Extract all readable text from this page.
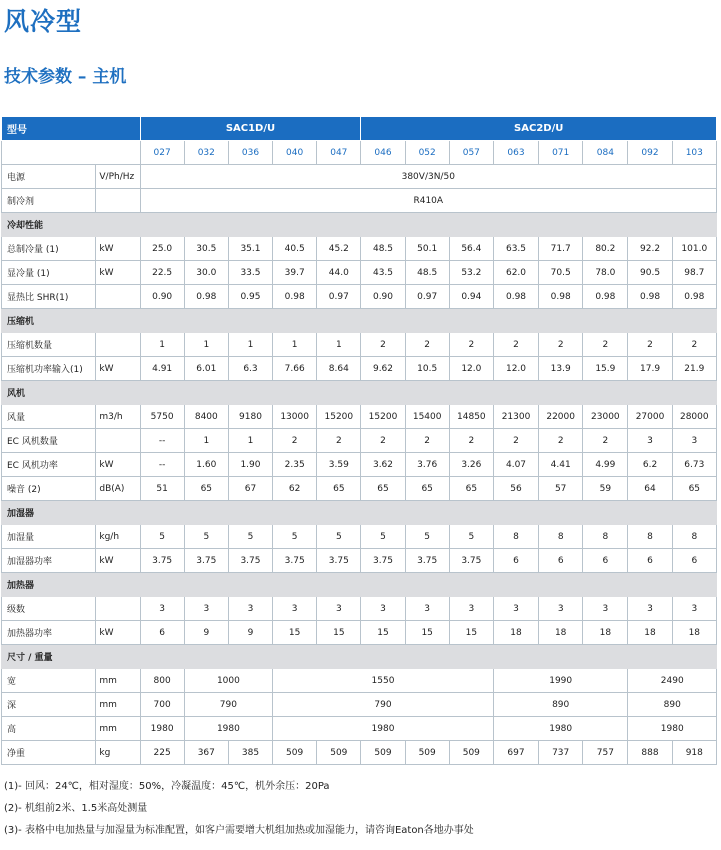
风冷型
技术参数 – 主机
型号		SAC1D/U					SAC2D/U							
		027	032	036	040	047	046	052	057	063	071	084	092	103
电源	V/Ph/Hz	380V/3N/50												
制冷剂		R410A												
冷却性能														
总制冷量 (1)	kW	25.0	30.5	35.1	40.5	45.2	48.5	50.1	56.4	63.5	71.7	80.2	92.2	101.0
显冷量 (1)	kW	22.5	30.0	33.5	39.7	44.0	43.5	48.5	53.2	62.0	70.5	78.0	90.5	98.7
显热比 SHR(1)		0.90	0.98	0.95	0.98	0.97	0.90	0.97	0.94	0.98	0.98	0.98	0.98	0.98
压缩机														
压缩机数量		1	1	1	1	1	2	2	2	2	2	2	2	2
压缩机功率输入(1)	kW	4.91	6.01	6.3	7.66	8.64	9.62	10.5	12.0	12.0	13.9	15.9	17.9	21.9
风机														
风量	m3/h	5750	8400	9180	13000	15200	15200	15400	14850	21300	22000	23000	27000	28000
EC 风机数量		--	1	1	2	2	2	2	2	2	2	2	3	3
EC 风机功率	kW	--	1.60	1.90	2.35	3.59	3.62	3.76	3.26	4.07	4.41	4.99	6.2	6.73
噪音 (2)	dB(A)	51	65	67	62	65	65	65	65	56	57	59	64	65
加湿器														
加湿量	kg/h	5	5	5	5	5	5	5	5	8	8	8	8	8
加湿器功率	kW	3.75	3.75	3.75	3.75	3.75	3.75	3.75	3.75	6	6	6	6	6
加热器														
级数		3	3	3	3	3	3	3	3	3	3	3	3	3
加热器功率	kW	6	9	9	15	15	15	15	15	18	18	18	18	18
尺寸 / 重量														
宽	mm	800	1000		1550					1990			2490	
深	mm	700	790		790					890			890	
高	mm	1980	1980		1980					1980			1980	
净重	kg	225	367	385	509	509	509	509	509	697	737	757	888	918
(1)- 回风：24℃，相对湿度：50%，冷凝温度：45℃，机外余压：20Pa
(2)- 机组前2米、1.5米高处测量
(3)- 表格中电加热量与加湿量为标准配置，如客户需要增大机组加热或加湿能力，请咨询Eaton各地办事处
